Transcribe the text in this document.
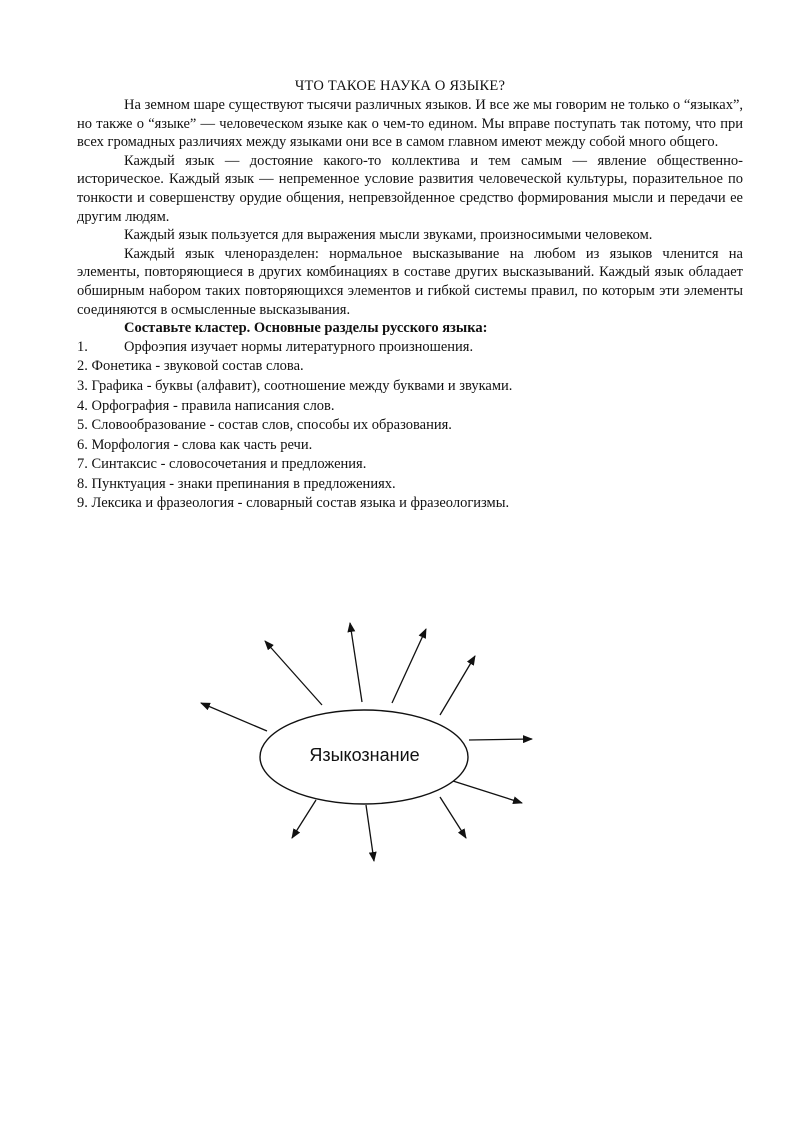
ЧТО ТАКОЕ НАУКА О ЯЗЫКЕ?

На земном шаре существуют тысячи различных языков. И все же мы говорим не только о “языках”, но также о “языке” — человеческом языке как о чем-то едином. Мы вправе поступать так потому, что при всех громадных различиях между языками они все в самом главном имеют между собой много общего.

Каждый язык — достояние какого-то коллектива и тем самым — явление общественно-историческое. Каждый язык — непременное условие развития человеческой культуры, поразительное по тонкости и совершенству орудие общения, непревзойденное средство формирования мысли и передачи ее другим людям.

Каждый язык пользуется для выражения мысли звуками, произносимыми человеком.

Каждый язык членоразделен: нормальное высказывание на любом из языков членится на элементы, повторяющиеся в других комбинациях в составе других высказываний. Каждый язык обладает обширным набором таких повторяющихся элементов и гибкой системы правил, по которым эти элементы соединяются в осмысленные высказывания.

Составьте кластер. Основные разделы русского языка:

1.	Орфоэпия изучает нормы литературного произношения.
2. Фонетика - звуковой состав слова.
3. Графика - буквы (алфавит), соотношение между буквами и звуками.
4. Орфография - правила написания слов.
5. Словообразование - состав слов, способы их образования.
6. Морфология - слова как часть речи.
7. Синтаксис - словосочетания и предложения.
8. Пунктуация - знаки препинания в предложениях.
9. Лексика и фразеология - словарный состав языка и фразеологизмы.
Языкознание
